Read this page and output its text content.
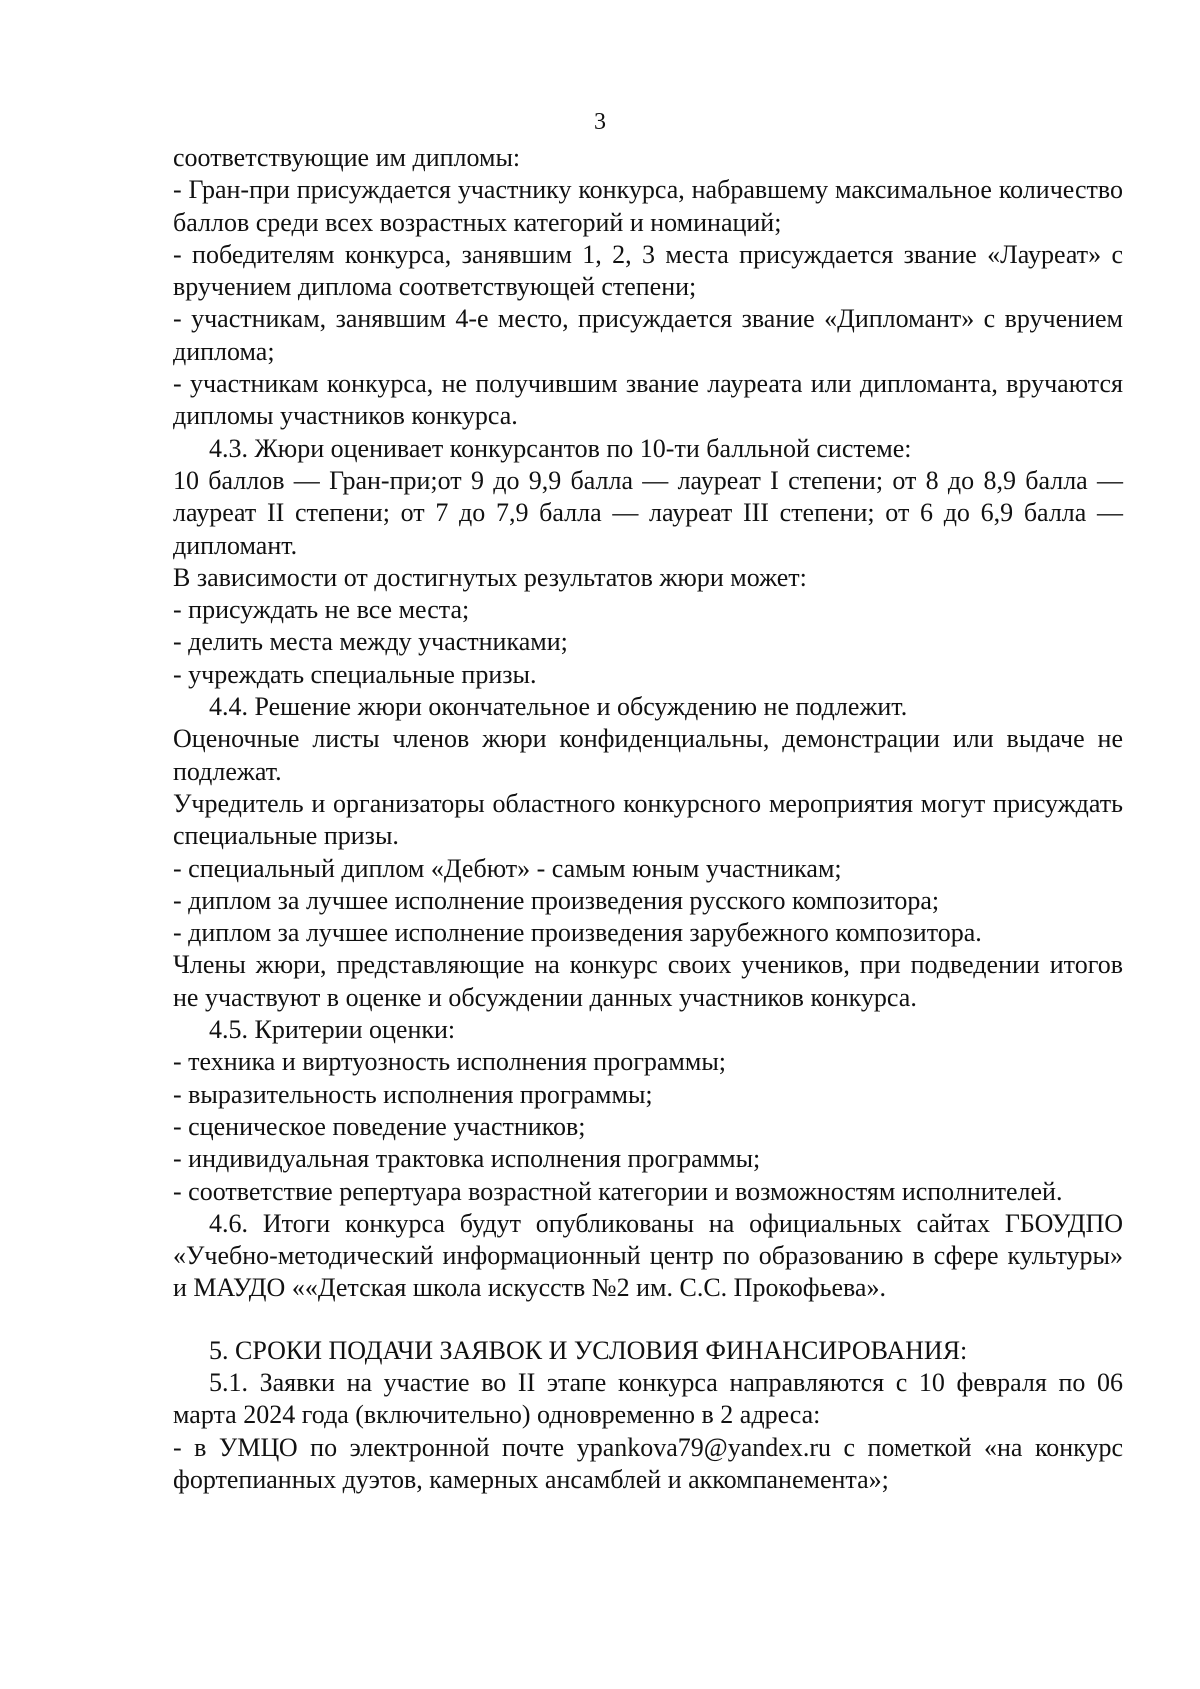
3

соответствующие им дипломы:

- Гран-при присуждается участнику конкурса, набравшему максимальное количество баллов среди всех возрастных категорий и номинаций;

- победителям конкурса, занявшим 1, 2, 3 места присуждается звание «Лауреат» с вручением диплома соответствующей степени;

- участникам, занявшим 4-е место, присуждается звание «Дипломант» с вручением диплома;

- участникам конкурса, не получившим звание лауреата или дипломанта, вручаются дипломы участников конкурса.

4.3. Жюри оценивает конкурсантов по 10-ти балльной системе:

10 баллов — Гран-при;от 9 до 9,9 балла — лауреат I степени; от 8 до 8,9 балла — лауреат II степени; от 7 до 7,9 балла — лауреат III степени; от 6 до 6,9 балла — дипломант.

В зависимости от достигнутых результатов жюри может:

- присуждать не все места;

- делить места между участниками;

- учреждать специальные призы.

4.4. Решение жюри окончательное и обсуждению не подлежит.

Оценочные листы членов жюри конфиденциальны, демонстрации или выдаче не подлежат.

Учредитель и организаторы областного конкурсного мероприятия могут присуждать специальные призы.

- специальный диплом «Дебют» - самым юным участникам;

- диплом за лучшее исполнение произведения русского композитора;

- диплом за лучшее исполнение произведения зарубежного композитора.

Члены жюри, представляющие на конкурс своих учеников, при подведении итогов не участвуют в оценке и обсуждении данных участников конкурса.

4.5. Критерии оценки:

- техника и виртуозность исполнения программы;

- выразительность исполнения программы;

- сценическое поведение участников;

- индивидуальная трактовка исполнения программы;

- соответствие репертуара возрастной категории и возможностям исполнителей.

4.6. Итоги конкурса будут опубликованы на официальных сайтах ГБОУДПО «Учебно-методический информационный центр по образованию в сфере культуры» и МАУДО ««Детская школа искусств №2 им. С.С. Прокофьева».

5. СРОКИ ПОДАЧИ ЗАЯВОК И УСЛОВИЯ ФИНАНСИРОВАНИЯ:

5.1. Заявки на участие во II этапе конкурса направляются с 10 февраля по 06 марта 2024 года (включительно) одновременно в 2 адреса:

- в УМЦО по электронной почте ypankova79@yandex.ru с пометкой «на конкурс фортепианных дуэтов, камерных ансамблей и аккомпанемента»;
